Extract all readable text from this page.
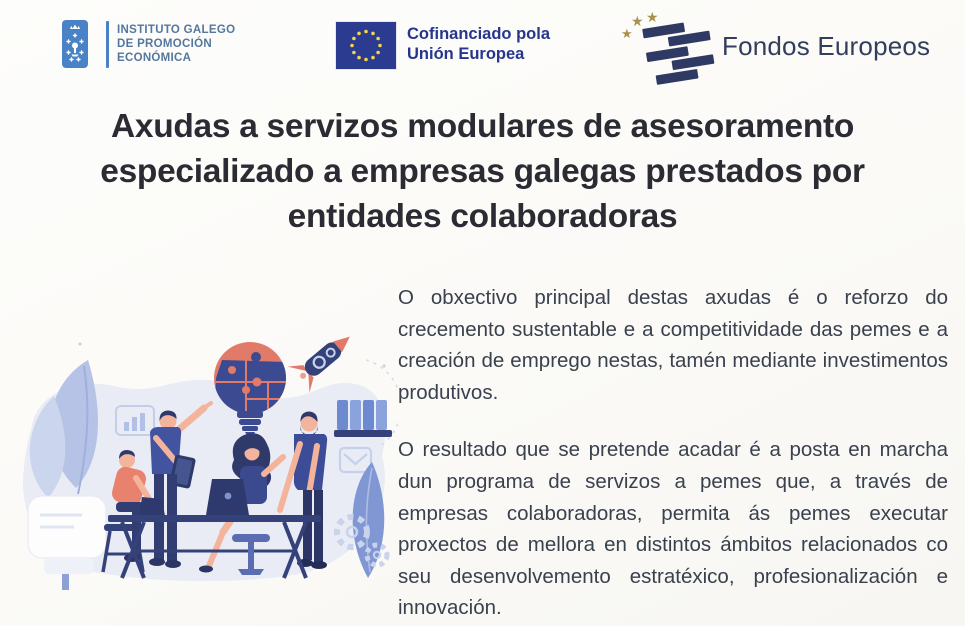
INSTITUTO GALEGO
DE PROMOCIÓN
ECONÓMICA
Cofinanciado pola
Unión Europea
★
★ ★
Fondos Europeos
Axudas a servizos modulares de asesoramento especializado a empresas galegas prestados por entidades colaboradoras

O obxectivo principal destas axudas é o reforzo do crecemento sustentable e a competitividade das pemes e a creación de emprego nestas, tamén mediante investimentos produtivos.

O resultado que se pretende acadar é a posta en marcha dun programa de servizos a pemes que, a través de empresas colaboradoras, permita ás pemes executar proxectos de mellora en distintos ámbitos relacionados co seu desenvolvemento estratéxico, profesionalización e innovación.
